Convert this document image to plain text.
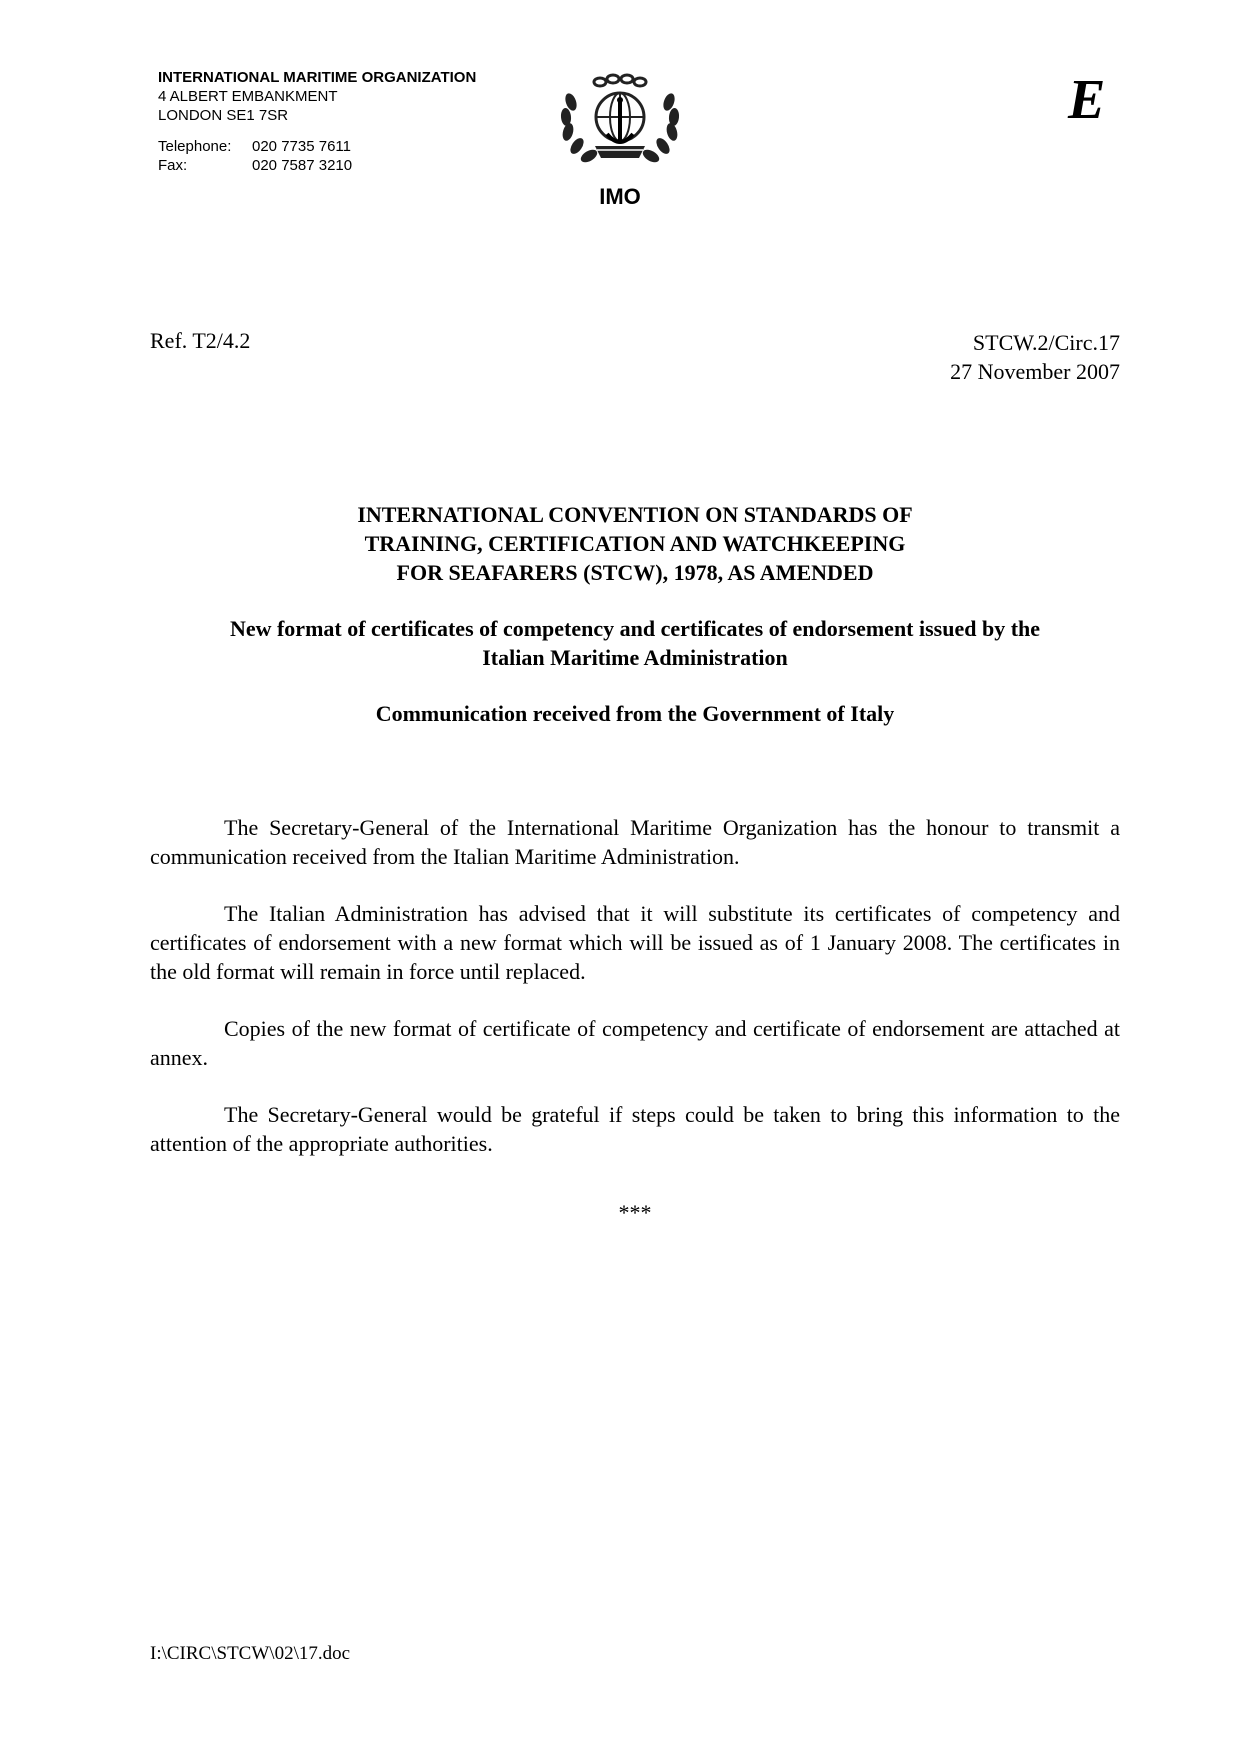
INTERNATIONAL MARITIME ORGANIZATION
4 ALBERT EMBANKMENT
LONDON SE1 7SR
Telephone:	020 7735 7611
Fax:	020 7587 3210
IMO
E
Ref. T2/4.2	STCW.2/Circ.17
27 November 2007
INTERNATIONAL CONVENTION ON STANDARDS OF
TRAINING, CERTIFICATION AND WATCHKEEPING
FOR SEAFARERS (STCW), 1978, AS AMENDED
New format of certificates of competency and certificates of endorsement issued by the
Italian Maritime Administration
Communication received from the Government of Italy

The Secretary-General of the International Maritime Organization has the honour to transmit a communication received from the Italian Maritime Administration.

The Italian Administration has advised that it will substitute its certificates of competency and certificates of endorsement with a new format which will be issued as of 1 January 2008. The certificates in the old format will remain in force until replaced.

Copies of the new format of certificate of competency and certificate of endorsement are attached at annex.

The Secretary-General would be grateful if steps could be taken to bring this information to the attention of the appropriate authorities.

***
I:\CIRC\STCW\02\17.doc
